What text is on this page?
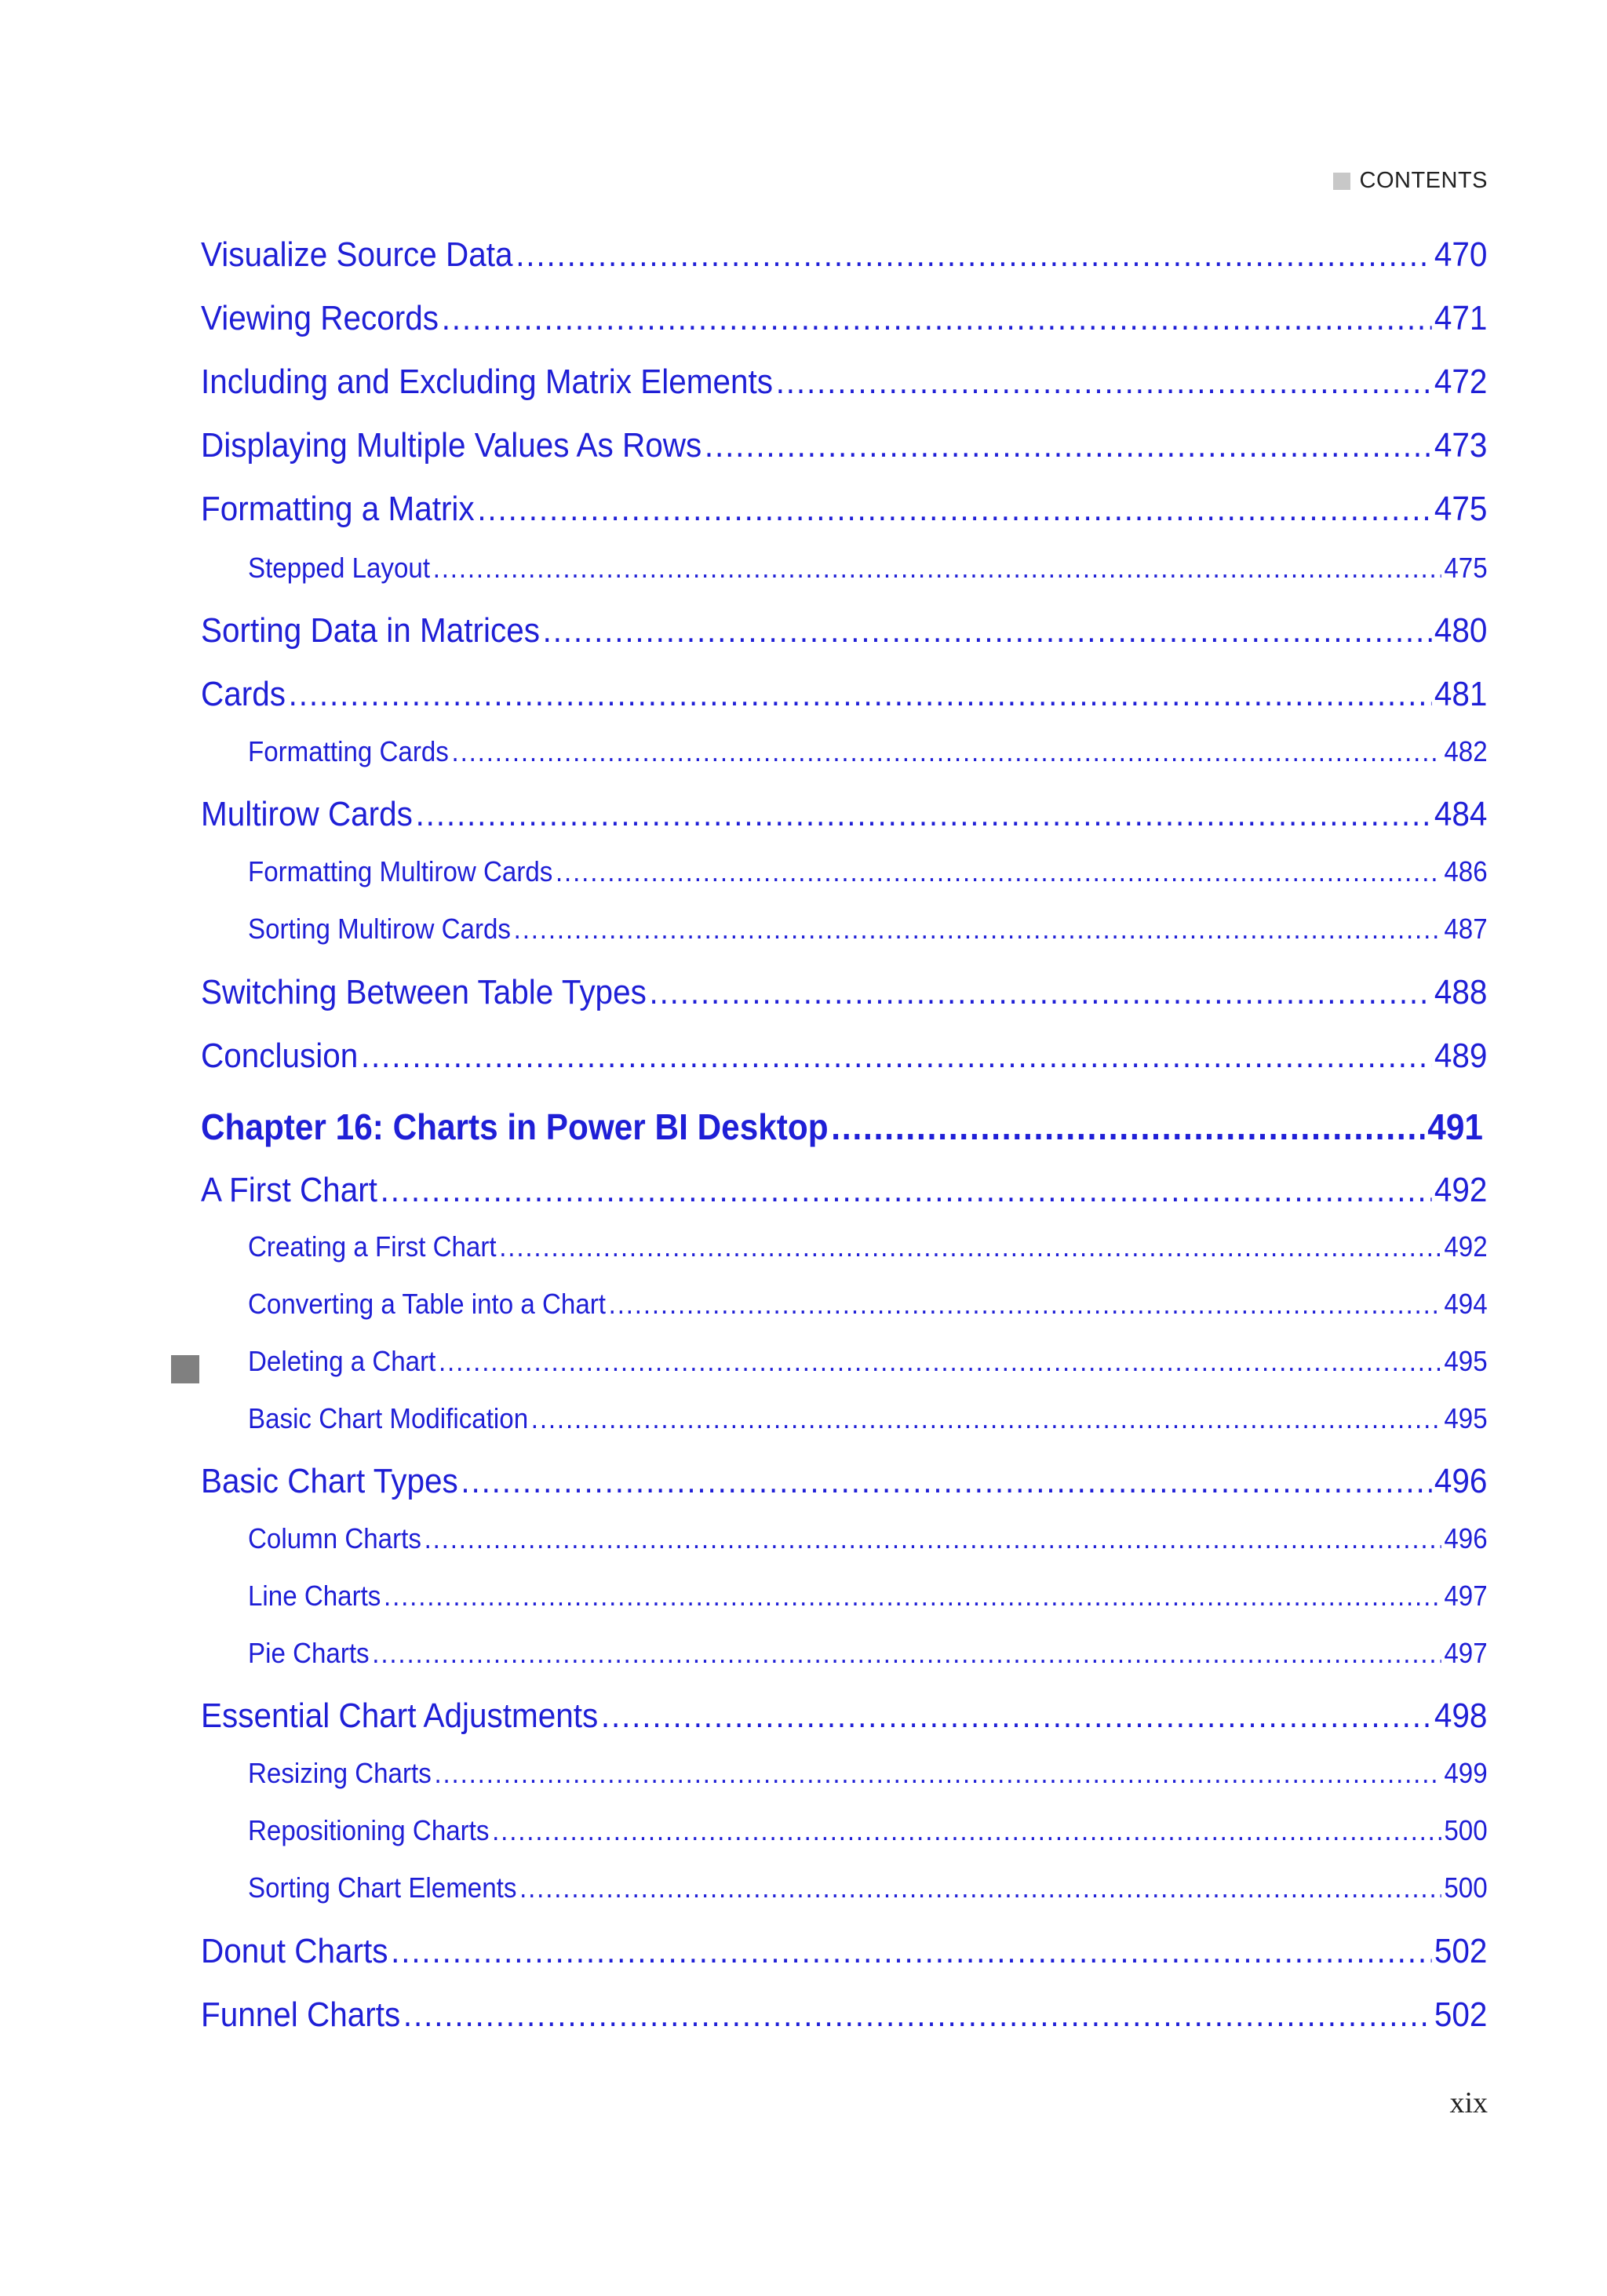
CONTENTS
Visualize Source Data .....	470
Viewing Records .....	471
Including and Excluding Matrix Elements .....	472
Displaying Multiple Values As Rows .....	473
Formatting a Matrix .....	475
Stepped Layout .....	475
Sorting Data in Matrices .....	480
Cards .....	481
Formatting Cards .....	482
Multirow Cards .....	484
Formatting Multirow Cards .....	486
Sorting Multirow Cards .....	487
Switching Between Table Types .....	488
Conclusion .....	489
Chapter 16: Charts in Power BI Desktop .....	491
A First Chart .....	492
Creating a First Chart .....	492
Converting a Table into a Chart .....	494
Deleting a Chart .....	495
Basic Chart Modification .....	495
Basic Chart Types .....	496
Column Charts .....	496
Line Charts .....	497
Pie Charts .....	497
Essential Chart Adjustments .....	498
Resizing Charts .....	499
Repositioning Charts .....	500
Sorting Chart Elements .....	500
Donut Charts .....	502
Funnel Charts .....	502
xix
